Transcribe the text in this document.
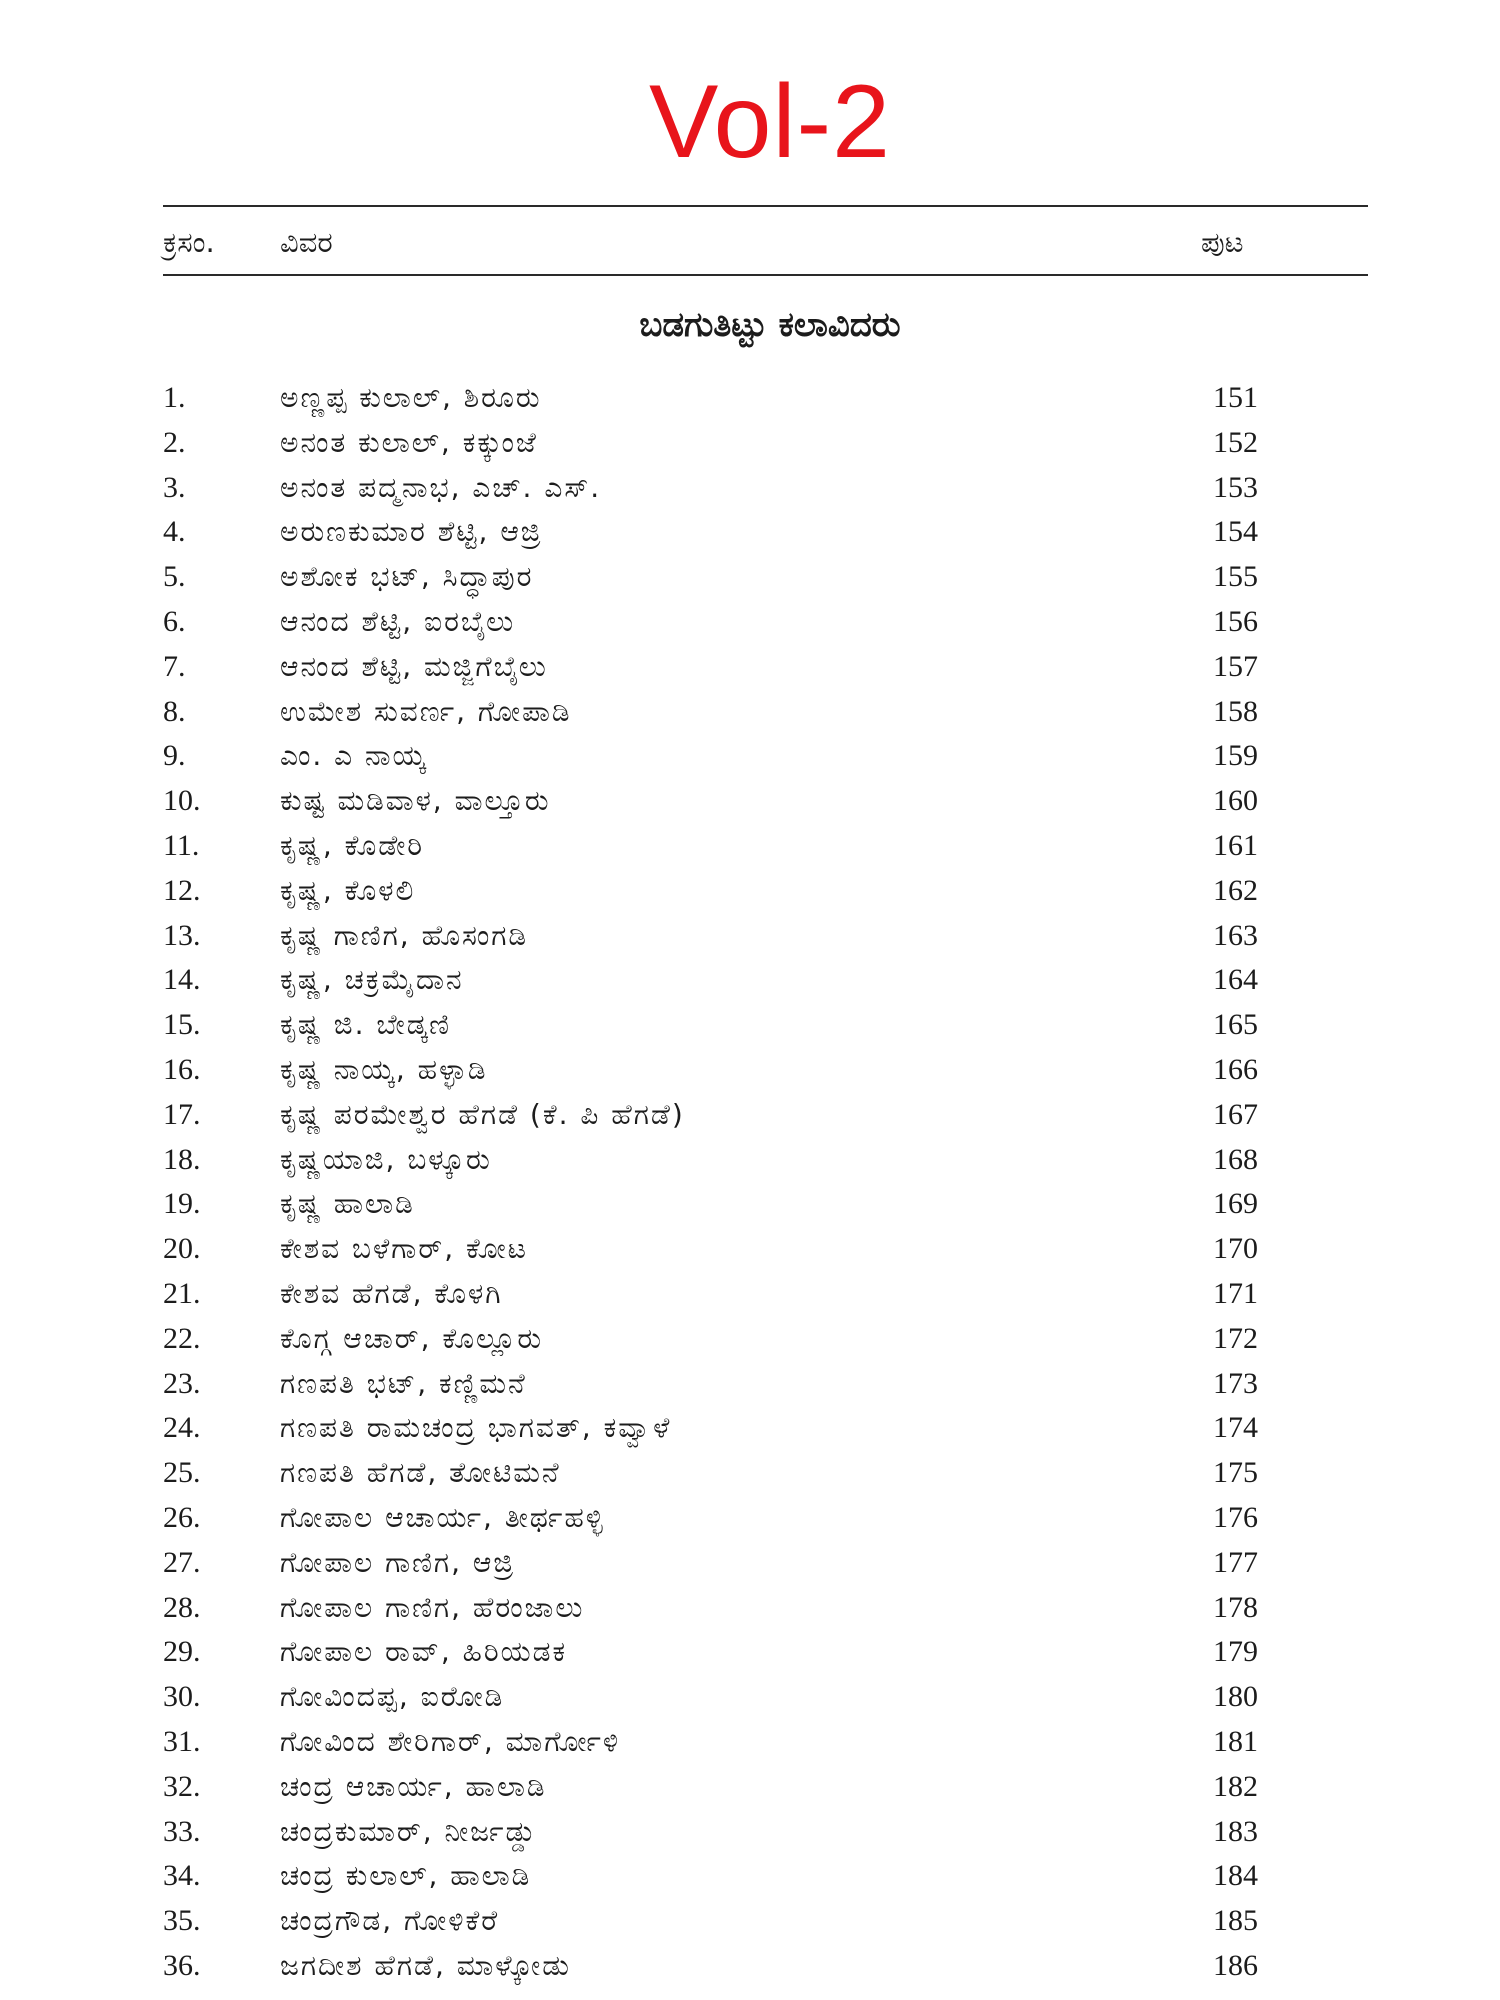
Vol-2
ಕ್ರಸಂ. ವಿವರ	ಪುಟ
ಬಡಗುತಿಟ್ಟು ಕಲಾವಿದರು
1.	ಅಣ್ಣಪ್ಪ ಕುಲಾಲ್, ಶಿರೂರು	151
2.	ಅನಂತ ಕುಲಾಲ್, ಕಕ್ಕುಂಜೆ	152
3.	ಅನಂತ ಪದ್ಮನಾಭ, ಎಚ್. ಎಸ್.	153
4.	ಅರುಣಕುಮಾರ ಶೆಟ್ಟಿ, ಆಜ್ರಿ	154
5.	ಅಶೋಕ ಭಟ್, ಸಿದ್ಧಾಪುರ	155
6.	ಆನಂದ ಶೆಟ್ಟಿ, ಐರಬೈಲು	156
7.	ಆನಂದ ಶೆಟ್ಟಿ, ಮಜ್ಜಿಗೆಬೈಲು	157
8.	ಉಮೇಶ ಸುವರ್ಣ, ಗೋಪಾಡಿ	158
9.	ಎಂ. ಎ ನಾಯ್ಕ	159
10.	ಕುಷ್ಟ ಮಡಿವಾಳ, ವಾಲ್ತೂರು	160
11.	ಕೃಷ್ಣ, ಕೊಡೇರಿ	161
12.	ಕೃಷ್ಣ, ಕೊಳಲಿ	162
13.	ಕೃಷ್ಣ ಗಾಣಿಗ, ಹೊಸಂಗಡಿ	163
14.	ಕೃಷ್ಣ, ಚಕ್ರಮೈದಾನ	164
15.	ಕೃಷ್ಣ ಜಿ. ಬೇಡ್ಕಣಿ	165
16.	ಕೃಷ್ಣ ನಾಯ್ಕ, ಹಳ್ಳಾಡಿ	166
17.	ಕೃಷ್ಣ ಪರಮೇಶ್ವರ ಹೆಗಡೆ (ಕೆ. ಪಿ ಹೆಗಡೆ)	167
18.	ಕೃಷ್ಣಯಾಜಿ, ಬಳ್ಕೂರು	168
19.	ಕೃಷ್ಣ ಹಾಲಾಡಿ	169
20.	ಕೇಶವ ಬಳೆಗಾರ್, ಕೋಟ	170
21.	ಕೇಶವ ಹೆಗಡೆ, ಕೊಳಗಿ	171
22.	ಕೊಗ್ಗ ಆಚಾರ್, ಕೊಲ್ಲೂರು	172
23.	ಗಣಪತಿ ಭಟ್, ಕಣ್ಣಿಮನೆ	173
24.	ಗಣಪತಿ ರಾಮಚಂದ್ರ ಭಾಗವತ್, ಕವ್ವಾಳೆ	174
25.	ಗಣಪತಿ ಹೆಗಡೆ, ತೋಟಿಮನೆ	175
26.	ಗೋಪಾಲ ಆಚಾರ್ಯ, ತೀರ್ಥಹಳ್ಳಿ	176
27.	ಗೋಪಾಲ ಗಾಣಿಗ, ಆಜ್ರಿ	177
28.	ಗೋಪಾಲ ಗಾಣಿಗ, ಹೆರಂಜಾಲು	178
29.	ಗೋಪಾಲ ರಾವ್, ಹಿರಿಯಡಕ	179
30.	ಗೋವಿಂದಪ್ಪ, ಐರೋಡಿ	180
31.	ಗೋವಿಂದ ಶೇರಿಗಾರ್, ಮಾರ್ಗೋಳಿ	181
32.	ಚಂದ್ರ ಆಚಾರ್ಯ, ಹಾಲಾಡಿ	182
33.	ಚಂದ್ರಕುಮಾರ್, ನೀರ್ಜಡ್ಡು	183
34.	ಚಂದ್ರ ಕುಲಾಲ್, ಹಾಲಾಡಿ	184
35.	ಚಂದ್ರಗೌಡ, ಗೋಳಿಕೆರೆ	185
36.	ಜಗದೀಶ ಹೆಗಡೆ, ಮಾಳ್ಕೋಡು	186
